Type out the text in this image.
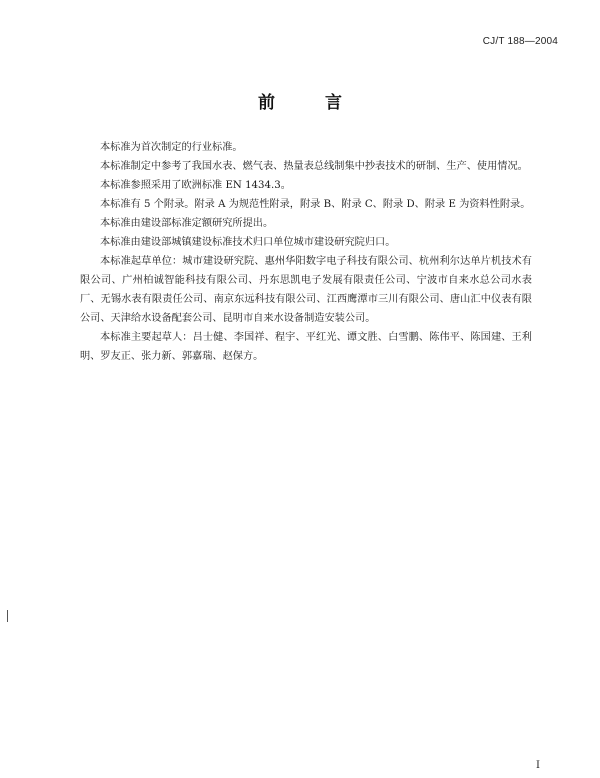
CJ/T 188—2004
前 言

本标准为首次制定的行业标准。

本标准制定中参考了我国水表、燃气表、热量表总线制集中抄表技术的研制、生产、使用情况。

本标准参照采用了欧洲标准 EN 1434.3。

本标准有 5 个附录。附录 A 为规范性附录，附录 B、附录 C、附录 D、附录 E 为资料性附录。

本标准由建设部标准定额研究所提出。

本标准由建设部城镇建设标准技术归口单位城市建设研究院归口。

本标准起草单位：城市建设研究院、惠州华阳数字电子科技有限公司、杭州利尔达单片机技术有限公司、广州柏诚智能科技有限公司、丹东思凯电子发展有限责任公司、宁波市自来水总公司水表厂、无锡水表有限责任公司、南京东远科技有限公司、江西鹰潭市三川有限公司、唐山汇中仪表有限公司、天津给水设备配套公司、昆明市自来水设备制造安装公司。

本标准主要起草人：吕士健、李国祥、程宇、平红光、谭文胜、白雪鹏、陈伟平、陈国建、王利明、罗友正、张力新、郭嘉瑞、赵保方。

I
